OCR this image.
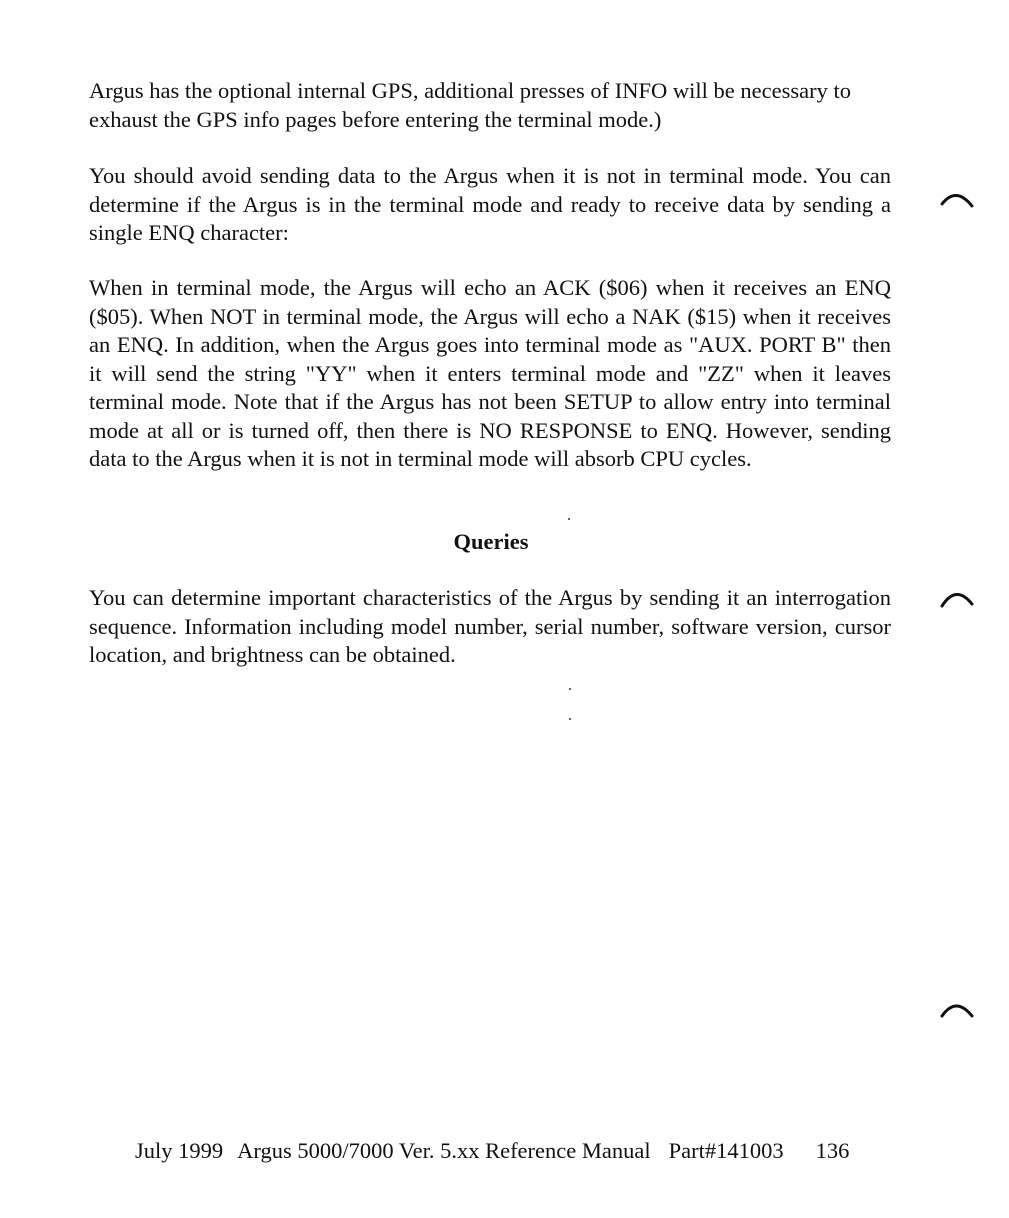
Argus has the optional internal GPS, additional presses of INFO will be necessary to exhaust the GPS info pages before entering the terminal mode.)

You should avoid sending data to the Argus when it is not in terminal mode. You can determine if the Argus is in the terminal mode and ready to receive data by sending a single ENQ character:

When in terminal mode, the Argus will echo an ACK ($06) when it receives an ENQ ($05). When NOT in terminal mode, the Argus will echo a NAK ($15) when it receives an ENQ. In addition, when the Argus goes into terminal mode as "AUX. PORT B" then it will send the string "YY" when it enters terminal mode and "ZZ" when it leaves terminal mode. Note that if the Argus has not been SETUP to allow entry into terminal mode at all or is turned off, then there is NO RESPONSE to ENQ. However, sending data to the Argus when it is not in terminal mode will absorb CPU cycles.

Queries

You can determine important characteristics of the Argus by sending it an interrogation sequence. Information including model number, serial number, software version, cursor location, and brightness can be obtained.

July 1999 Argus 5000/7000 Ver. 5.xx Reference Manual Part#141003 136
